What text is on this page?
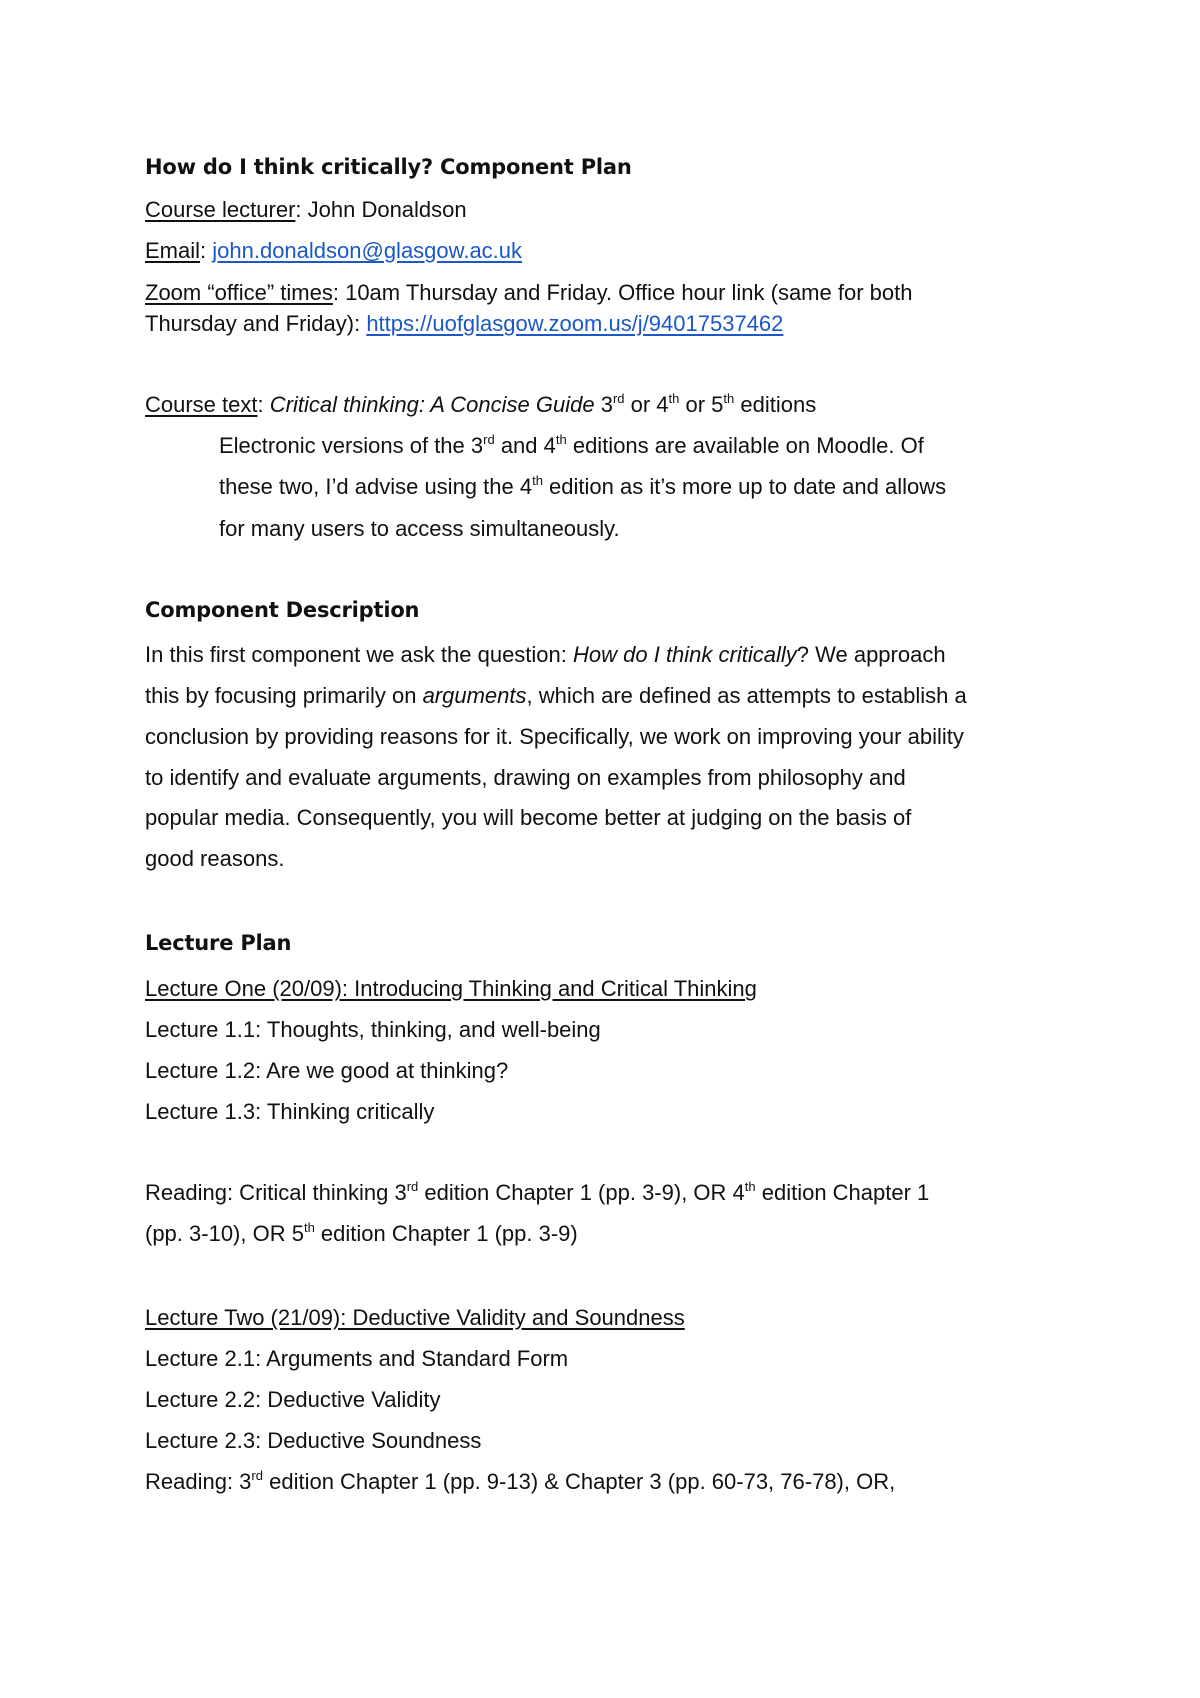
How do I think critically? Component Plan
Course lecturer: John Donaldson
Email: john.donaldson@glasgow.ac.uk
Zoom “office” times: 10am Thursday and Friday. Office hour link (same for both
Thursday and Friday): https://uofglasgow.zoom.us/j/94017537462
Course text: Critical thinking: A Concise Guide 3rd or 4th or 5th editions
Electronic versions of the 3rd and 4th editions are available on Moodle. Of
these two, I’d advise using the 4th edition as it’s more up to date and allows
for many users to access simultaneously.
Component Description
In this first component we ask the question: How do I think critically? We approach
this by focusing primarily on arguments, which are defined as attempts to establish a
conclusion by providing reasons for it. Specifically, we work on improving your ability
to identify and evaluate arguments, drawing on examples from philosophy and
popular media. Consequently, you will become better at judging on the basis of
good reasons.
Lecture Plan
Lecture One (20/09): Introducing Thinking and Critical Thinking
Lecture 1.1: Thoughts, thinking, and well-being
Lecture 1.2: Are we good at thinking?
Lecture 1.3: Thinking critically
Reading: Critical thinking 3rd edition Chapter 1 (pp. 3-9), OR 4th edition Chapter 1
(pp. 3-10), OR 5th edition Chapter 1 (pp. 3-9)
Lecture Two (21/09): Deductive Validity and Soundness
Lecture 2.1: Arguments and Standard Form
Lecture 2.2: Deductive Validity
Lecture 2.3: Deductive Soundness
Reading: 3rd edition Chapter 1 (pp. 9-13) & Chapter 3 (pp. 60-73, 76-78), OR,
